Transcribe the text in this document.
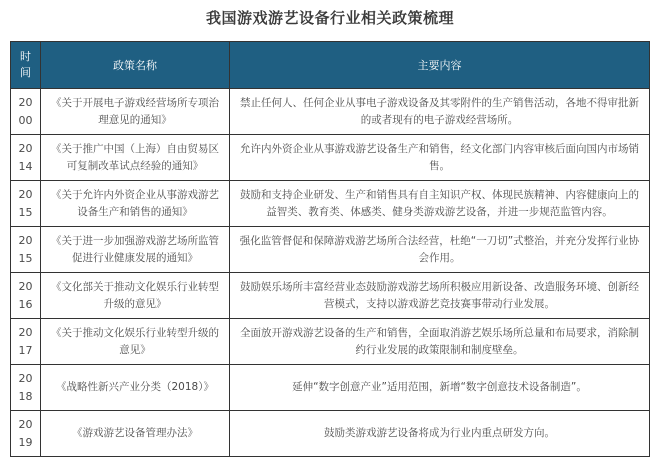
我国游戏游艺设备行业相关政策梳理
时间	政策名称	主要内容
2000	《关于开展电子游戏经营场所专项治理意见的通知》	禁止任何人、任何企业从事电子游戏设备及其零附件的生产销售活动，各地不得审批新的或者现有的电子游戏经营场所。
2014	《关于推广中国（上海）自由贸易区可复制改革试点经验的通知》	允许内外资企业从事游戏游艺设备生产和销售，经文化部门内容审核后面向国内市场销售。
2015	《关于允许内外资企业从事游戏游艺设备生产和销售的通知》	鼓励和支持企业研发、生产和销售具有自主知识产权、体现民族精神、内容健康向上的益智类、教育类、体感类、健身类游戏游艺设备，并进一步规范监管内容。
2015	《关于进一步加强游戏游艺场所监管促进行业健康发展的通知》	强化监管督促和保障游戏游艺场所合法经营，杜绝“一刀切”式整治，并充分发挥行业协会作用。
2016	《文化部关于推动文化娱乐行业转型升级的意见》	鼓励娱乐场所丰富经营业态鼓励游戏游艺场所积极应用新设备、改造服务环境、创新经营模式，支持以游戏游艺竞技赛事带动行业发展。
2017	《关于推动文化娱乐行业转型升级的意见》	全面放开游戏游艺设备的生产和销售，全面取消游艺娱乐场所总量和布局要求，消除制约行业发展的政策限制和制度壁垒。
2018	《战略性新兴产业分类（2018）》	延伸“数字创意产业”适用范围，新增“数字创意技术设备制造”。
2019	《游戏游艺设备管理办法》	鼓励类游戏游艺设备将成为行业内重点研发方向。
